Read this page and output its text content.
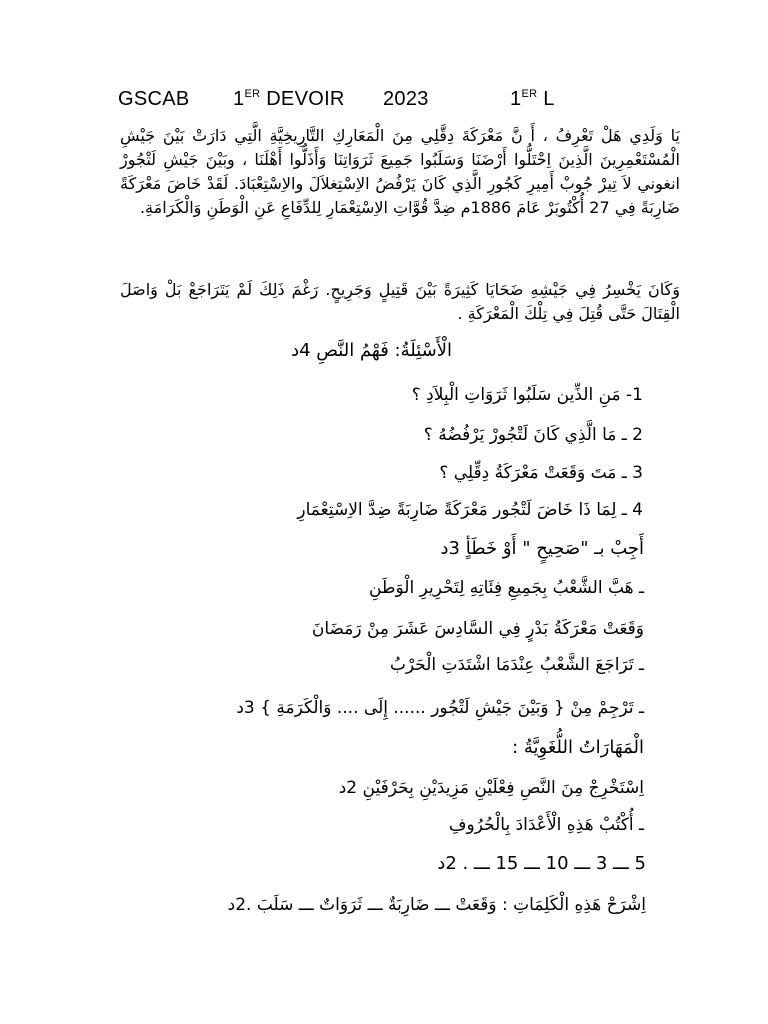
GSCAB 1ER DEVOIR 2023	1ER L
يَا وَلَدِي هَلْ تَعْرِفُ ، أَ نَّ مَعْرَكَةَ دِقَّلِي مِنَ الْمَعَارِكِ التَّارِيخِيَّةِ الَّتِي دَارَتْ بَيْنَ جَيْشِ الْمُسْتَعْمِرِينَ الَّذِينَ اِحْتَلُّوا أَرْضَنَا وَسَلَبُوا جَمِيعَ ثَرَوَاتِنَا وَأَذَلُّوا أَهْلَنَا ، وبَيْنَ جَيْشِ لَتْجُورْ انغوني لاَ تِيرْ جُوبْ أَمِيرِ كَجُورِ الَّذِي كَانَ يَرْفُضُ الاِسْتِغلاَلَ والاِسْتِعْبَادَ. لَقَدْ خَاضَ مَعْرَكَةً ضَارِبَةً فِي 27 أُكْتُوبَرْ عَامَ 1886م ضِدَّ قُوَّاتِ الاِسْتِعْمَارِ لِلدِّفَاعِ عَنِ الْوَطَنِ وَالْكَرَامَةِ.
وَكَانَ يَخْسِرُ فِي جَيْشِهِ ضَحَايَا كَثِيرَةً بَيْنَ قَتِيلٍ وَجَرِيحٍ. رَغْمَ ذَلِكَ لَمْ يَتَرَاجَعْ بَلْ وَاصَلَ الْقِتَالَ حَتَّى قُتِلَ فِي تِلْكَ الْمَعْرَكَةِ .
الْأَسْئِلَةُ: فَهْمُ النَّصِ 4د
1- مَنِ الذِّين سَلَبُوا ثَرَوَاتِ الْبِلاَدِ ؟
2 ـ مَا الَّذِي كَانَ لَتْجُورْ يَرْفُضُهُ ؟
3 ـ مَتَ وَقَعَتْ مَعْرَكَةُ دِقِّلِي ؟
4 ـ لِمَا ذَا خَاضَ لَتْجُور مَعْرَكَةً ضَارِبَةً ضِدَّ الاِسْتِعْمَارِ
أَجِبْ بـ "صَحِيحٍ " أَوْ خَطَأٍ 3د
ـ هَبَّ الشَّعْبُ بِجَمِيعِ فِئَاتِهِ لِتَحْرِيرِ الْوَطَنِ
وَقَعَتْ مَعْرَكَةُ بَدْرٍ فِي السَّادِسَ عَشَرَ مِنْ رَمَضَانَ
ـ تَرَاجَعَ الشَّعْبُ عِنْدَمَا اشْتَدَتِ الْحَرْبُ
ـ تَرْجِمْ مِنْ { وَبَيْنَ جَيْشِ لَتْجُور ...... إِلَى .... وَالْكَرَمَةِ } 3د
الْمَهَارَاتُ اللُّغَوِيَّةُ :
اِسْتَخْرِجْ مِنَ النَّصِ فِعْلَيْنِ مَزِيدَيْنِ بِحَرْفَيْنِ 2د
ـ أُكْتُبْ هَذِهِ الْأَعْدَادَ بِالْحُرُوفِ
5 ـــ 3 ـــ 10 ـــ 15 ـــ . 2د
اِشْرَحْ هَذِهِ الْكَلِمَاتِ : وَقَعَتْ ـــ ضَارِبَةٌ ـــ ثَرَوَاتٌ ـــ سَلَبَ .2د
